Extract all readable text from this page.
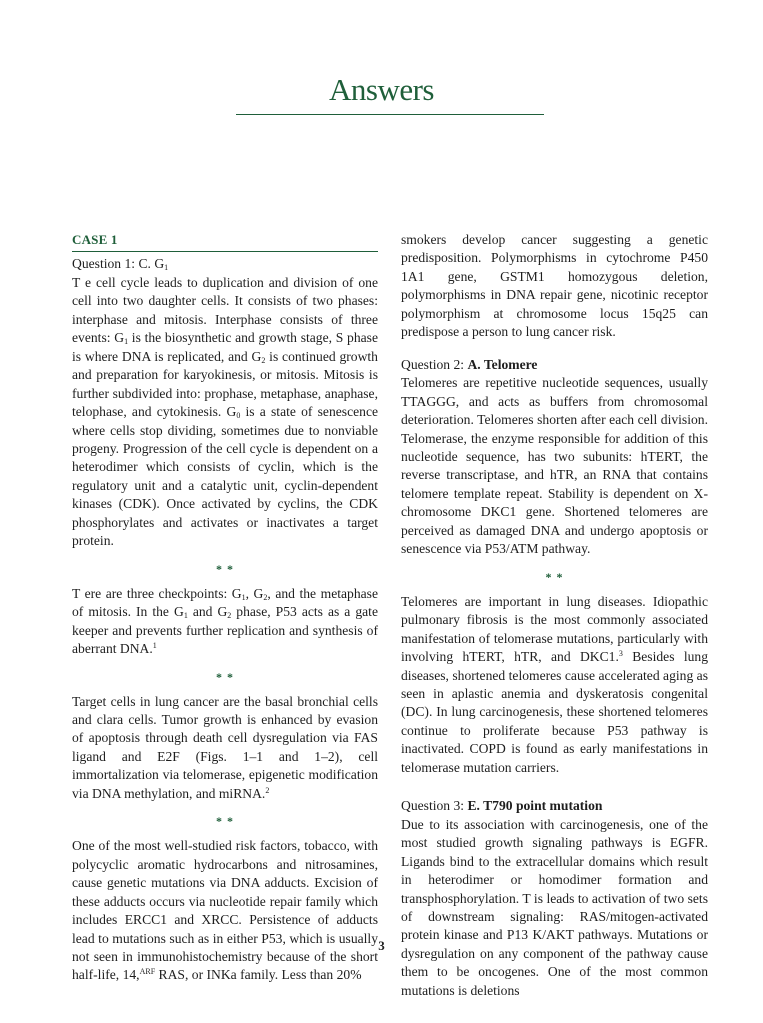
Answers
CASE 1

Question 1: C. $G_1$

T e cell cycle leads to duplication and division of one cell into two daughter cells. It consists of two phases: interphase and mitosis. Interphase consists of three events: $G_1$ is the biosynthetic and growth stage, S phase is where DNA is replicated, and $G_2$ is continued growth and preparation for karyokinesis, or mitosis. Mitosis is further subdivided into: prophase, metaphase, anaphase, telophase, and cytokinesis. $G_0$ is a state of senescence where cells stop dividing, sometimes due to nonviable progeny. Progression of the cell cycle is dependent on a heterodimer which consists of cyclin, which is the regulatory unit and a catalytic unit, cyclin-dependent kinases (CDK). Once activated by cyclins, the CDK phosphorylates and activates or inactivates a target protein.

* *

T ere are three checkpoints: $G_1$, $G_2$, and the metaphase of mitosis. In the $G_1$ and $G_2$ phase, P53 acts as a gate keeper and prevents further replication and synthesis of aberrant DNA.$^1$

* *

Target cells in lung cancer are the basal bronchial cells and clara cells. Tumor growth is enhanced by evasion of apoptosis through death cell dysregulation via FAS ligand and E2F (Figs. 1–1 and 1–2), cell immortalization via telomerase, epigenetic modification via DNA methylation, and miRNA.$^2$

* *

One of the most well-studied risk factors, tobacco, with polycyclic aromatic hydrocarbons and nitrosamines, cause genetic mutations via DNA adducts. Excision of these adducts occurs via nucleotide repair family which includes ERCC1 and XRCC. Persistence of adducts lead to mutations such as in either P53, which is usually not seen in immunohistochemistry because of the short half-life, 14,$^{ARF}$ RAS, or INKa family. Less than 20%

smokers develop cancer suggesting a genetic predisposition. Polymorphisms in cytochrome P450 1A1 gene, GSTM1 homozygous deletion, polymorphisms in DNA repair gene, nicotinic receptor polymorphism at chromosome locus 15q25 can predispose a person to lung cancer risk.

Question 2: A. Telomere

Telomeres are repetitive nucleotide sequences, usually TTAGGG, and acts as buffers from chromosomal deterioration. Telomeres shorten after each cell division. Telomerase, the enzyme responsible for addition of this nucleotide sequence, has two subunits: hTERT, the reverse transcriptase, and hTR, an RNA that contains telomere template repeat. Stability is dependent on X-chromosome DKC1 gene. Shortened telomeres are perceived as damaged DNA and undergo apoptosis or senescence via P53/ATM pathway.

* *

Telomeres are important in lung diseases. Idiopathic pulmonary fibrosis is the most commonly associated manifestation of telomerase mutations, particularly with involving hTERT, hTR, and DKC1.$^3$ Besides lung diseases, shortened telomeres cause accelerated aging as seen in aplastic anemia and dyskeratosis congenital (DC). In lung carcinogenesis, these shortened telomeres continue to proliferate because P53 pathway is inactivated. COPD is found as early manifestations in telomerase mutation carriers.

Question 3: E. T790 point mutation

Due to its association with carcinogenesis, one of the most studied growth signaling pathways is EGFR. Ligands bind to the extracellular domains which result in heterodimer or homodimer formation and transphosphorylation. T is leads to activation of two sets of downstream signaling: RAS/mitogen-activated protein kinase and P13 K/AKT pathways. Mutations or dysregulation on any component of the pathway cause them to be oncogenes. One of the most common mutations is deletions

3
